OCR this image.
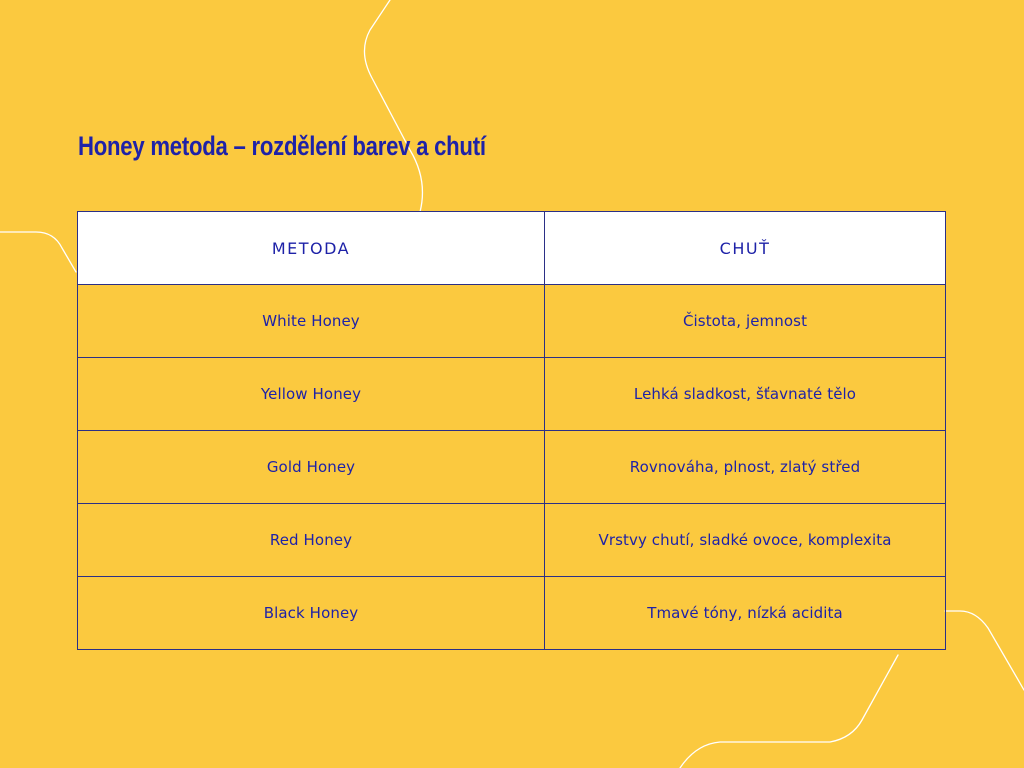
Honey metoda – rozdělení barev a chutí
METODA	CHUŤ
White Honey	Čistota, jemnost
Yellow Honey	Lehká sladkost, šťavnaté tělo
Gold Honey	Rovnováha, plnost, zlatý střed
Red Honey	Vrstvy chutí, sladké ovoce, komplexita
Black Honey	Tmavé tóny, nízká acidita
